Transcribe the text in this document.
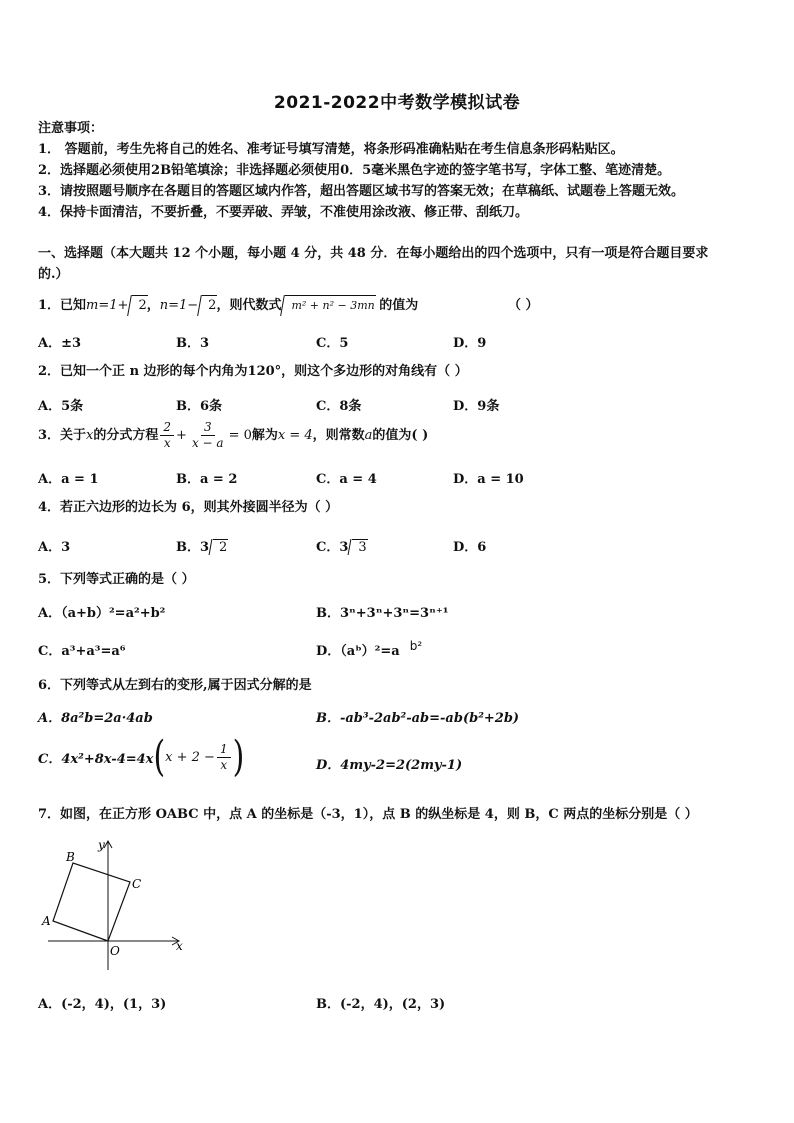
2021-2022中考数学模拟试卷
注意事项：
1． 答题前，考生先将自己的姓名、准考证号填写清楚，将条形码准确粘贴在考生信息条形码粘贴区。
2．选择题必须使用2B铅笔填涂；非选择题必须使用0．5毫米黑色字迹的签字笔书写，字体工整、笔迹清楚。
3．请按照题号顺序在各题目的答题区域内作答，超出答题区域书写的答案无效；在草稿纸、试题卷上答题无效。
4．保持卡面清洁，不要折叠，不要弄破、弄皱，不准使用涂改液、修正带、刮纸刀。
一、选择题（本大题共 12 个小题，每小题 4 分，共 48 分．在每小题给出的四个选项中，只有一项是符合题目要求
的.）
1．已知m=1+ 2，n=1− 2，则代数式 m² + n² − 3mn 的值为	（ ）
A．±3	B．3	C．5	D．9
2．已知一个正 n 边形的每个内角为120°，则这个多边形的对角线有（ ）
A．5条	B．6条	C．8条	D．9条
3．关于 x 的分式方程 $\frac{2}{x} + \frac{3}{x - a} = 0$ 解为 x = 4 ，则常数 a 的值为( )
A．a = 1	B．a = 2	C．a = 4	D．a = 10
4．若正六边形的边长为 6，则其外接圆半径为（ ）
A．3	B．3 2	C．3 3	D．6
5．下列等式正确的是（ ）
A．（a+b）²=a²+b²	B．3ⁿ+3ⁿ+3ⁿ=3ⁿ⁺¹
C．a³+a³=a⁶	D．（aᵇ）²=a b²
6．下列等式从左到右的变形,属于因式分解的是
A．8a²b=2a·4ab	B．-ab³-2ab²-ab=-ab(b²+2b)
C．4x²+8x-4=4x ( $x + 2 - \frac{1}{x}$ )	D．4my-2=2(2my-1)
7．如图，在正方形 OABC 中，点 A 的坐标是（-3，1），点 B 的纵坐标是 4，则 B，C 两点的坐标分别是（ ）
B
C
A
O	x
y
A．(-2，4)，(1，3)	B．(-2，4)，(2，3)
